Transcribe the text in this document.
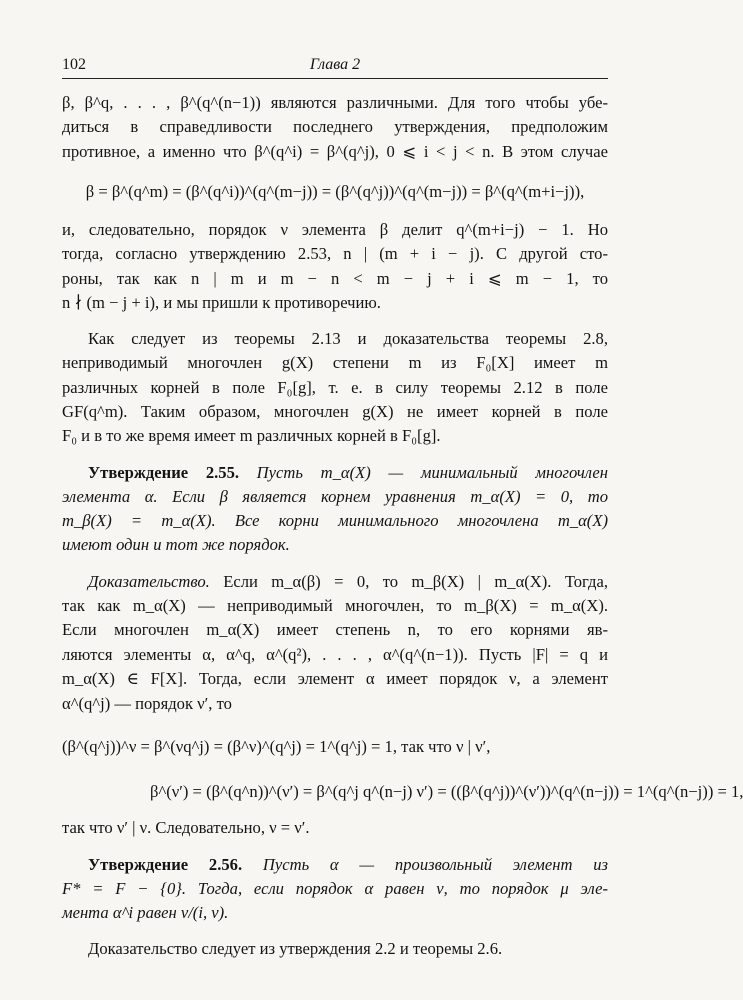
102	Глава 2
β, β^q, . . . , β^(q^(n−1)) являются различными. Для того чтобы убе-
диться в справедливости последнего утверждения, предположим
противное, а именно что β^(q^i) = β^(q^j), 0 ⩽ i < j < n. В этом случае
β = β^(q^m) = (β^(q^i))^(q^(m−j)) = (β^(q^j))^(q^(m−j)) = β^(q^(m+i−j)),
и, следовательно, порядок ν элемента β делит q^(m+i−j) − 1. Но
тогда, согласно утверждению 2.53, n | (m + i − j). С другой сто-
роны, так как n | m и m − n < m − j + i ⩽ m − 1, то
n ∤ (m − j + i), и мы пришли к противоречию.
Как следует из теоремы 2.13 и доказательства теоремы 2.8,
неприводимый многочлен g(X) степени m из F₀[X] имеет m
различных корней в поле F₀[g], т. е. в силу теоремы 2.12 в поле
GF(q^m). Таким образом, многочлен g(X) не имеет корней в поле
F₀ и в то же время имеет m различных корней в F₀[g].
Утверждение 2.55. Пусть m_α(X) — минимальный многочлен
элемента α. Если β является корнем уравнения m_α(X) = 0, то
m_β(X) = m_α(X). Все корни минимального многочлена m_α(X)
имеют один и тот же порядок.
Доказательство. Если m_α(β) = 0, то m_β(X) | m_α(X). Тогда,
так как m_α(X) — неприводимый многочлен, то m_β(X) = m_α(X).
Если многочлен m_α(X) имеет степень n, то его корнями яв-
ляются элементы α, α^q, α^(q²), . . . , α^(q^(n−1)). Пусть |F| = q и
m_α(X) ∈ F[X]. Тогда, если элемент α имеет порядок ν, а элемент
α^(q^j) — порядок ν′, то
(β^(q^j))^ν = β^(νq^j) = (β^ν)^(q^j) = 1^(q^j) = 1, так что ν | ν′,
β^(ν′) = (β^(q^n))^(ν′) = β^(q^j q^(n−j) ν′) = ((β^(q^j))^(ν′))^(q^(n−j)) = 1^(q^(n−j)) = 1,
так что ν′ | ν. Следовательно, ν = ν′.
Утверждение 2.56. Пусть α — произвольный элемент из
F* = F − {0}. Тогда, если порядок α равен ν, то порядок μ эле-
мента α^i равен ν/(i, ν).
Доказательство следует из утверждения 2.2 и теоремы 2.6.
